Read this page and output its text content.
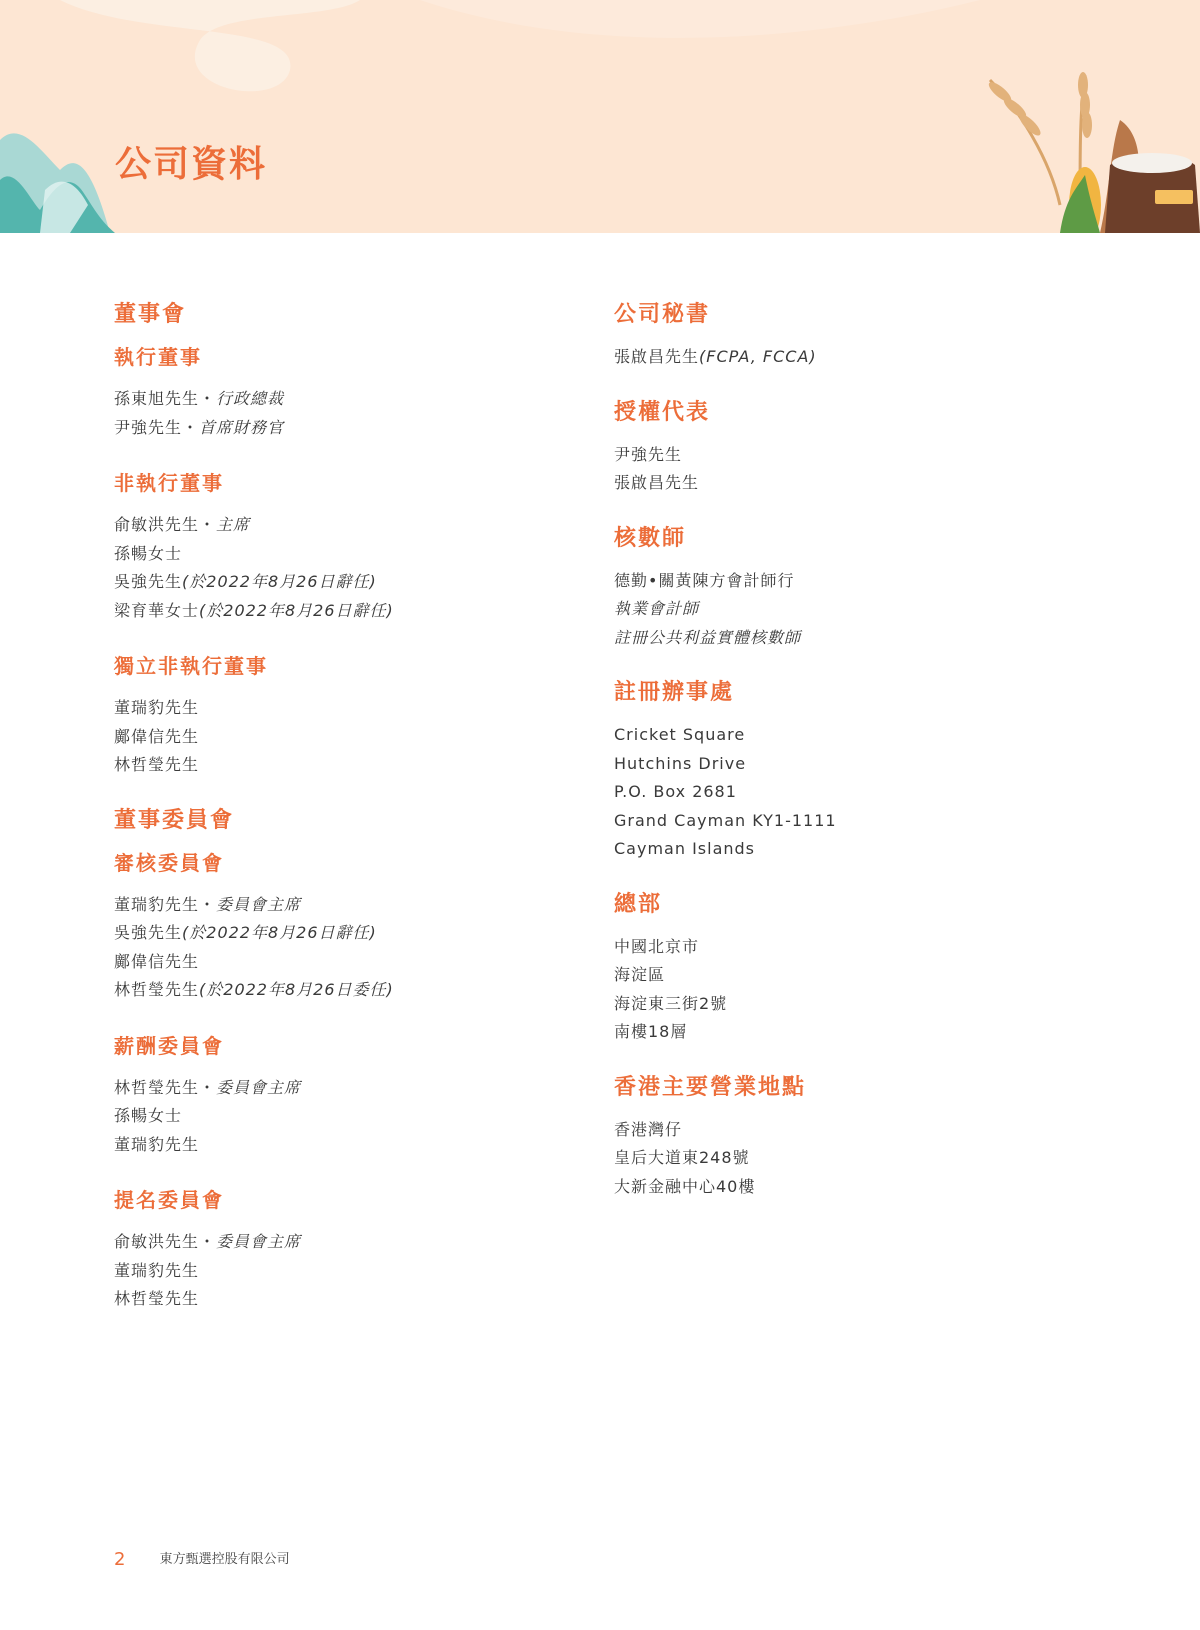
公司資料
董事會
執行董事
孫東旭先生・行政總裁
尹強先生・首席財務官
非執行董事
俞敏洪先生・主席
孫暢女士
吳強先生(於2022年8月26日辭任)
梁育華女士(於2022年8月26日辭任)
獨立非執行董事
董瑞豹先生
鄺偉信先生
林哲瑩先生
董事委員會
審核委員會
董瑞豹先生・委員會主席
吳強先生(於2022年8月26日辭任)
鄺偉信先生
林哲瑩先生(於2022年8月26日委任)
薪酬委員會
林哲瑩先生・委員會主席
孫暢女士
董瑞豹先生
提名委員會
俞敏洪先生・委員會主席
董瑞豹先生
林哲瑩先生
公司秘書
張啟昌先生(FCPA, FCCA)
授權代表
尹強先生
張啟昌先生
核數師
德勤•關黃陳方會計師行
執業會計師
註冊公共利益實體核數師
註冊辦事處
Cricket Square
Hutchins Drive
P.O. Box 2681
Grand Cayman KY1-1111
Cayman Islands
總部
中國北京市
海淀區
海淀東三街2號
南樓18層
香港主要營業地點
香港灣仔
皇后大道東248號
大新金融中心40樓
2	東方甄選控股有限公司
